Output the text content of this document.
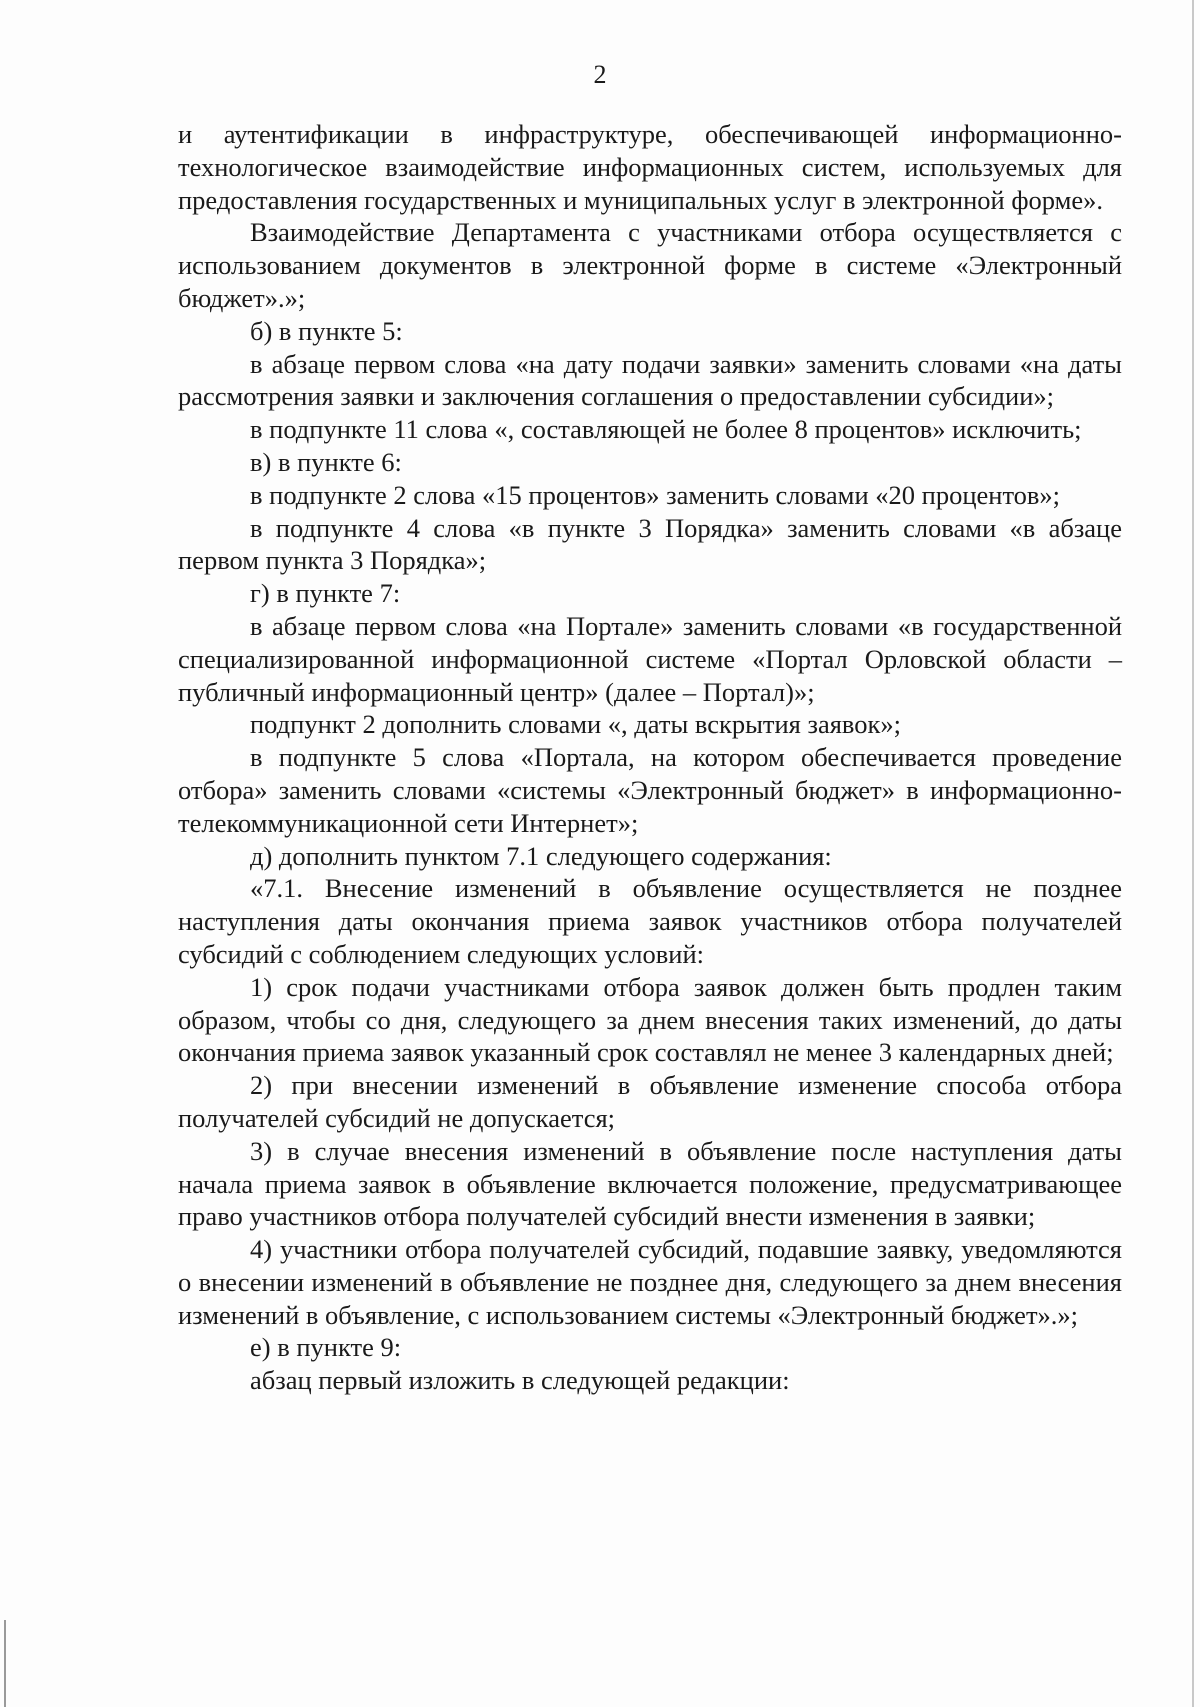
2

и аутентификации в инфраструктуре, обеспечивающей информационно-технологическое взаимодействие информационных систем, используемых для предоставления государственных и муниципальных услуг в электронной форме».

Взаимодействие Департамента с участниками отбора осуществляется с использованием документов в электронной форме в системе «Электронный бюджет».»;

б) в пункте 5:

в абзаце первом слова «на дату подачи заявки» заменить словами «на даты рассмотрения заявки и заключения соглашения о предоставлении субсидии»;

в подпункте 11 слова «, составляющей не более 8 процентов» исключить;

в) в пункте 6:

в подпункте 2 слова «15 процентов» заменить словами «20 процентов»;

в подпункте 4 слова «в пункте 3 Порядка» заменить словами «в абзаце первом пункта 3 Порядка»;

г) в пункте 7:

в абзаце первом слова «на Портале» заменить словами «в государственной специализированной информационной системе «Портал Орловской области – публичный информационный центр» (далее – Портал)»;

подпункт 2 дополнить словами «, даты вскрытия заявок»;

в подпункте 5 слова «Портала, на котором обеспечивается проведение отбора» заменить словами «системы «Электронный бюджет» в информационно-телекоммуникационной сети Интернет»;

д) дополнить пунктом 7.1 следующего содержания:

«7.1. Внесение изменений в объявление осуществляется не позднее наступления даты окончания приема заявок участников отбора получателей субсидий с соблюдением следующих условий:

1) срок подачи участниками отбора заявок должен быть продлен таким образом, чтобы со дня, следующего за днем внесения таких изменений, до даты окончания приема заявок указанный срок составлял не менее 3 календарных дней;

2) при внесении изменений в объявление изменение способа отбора получателей субсидий не допускается;

3) в случае внесения изменений в объявление после наступления даты начала приема заявок в объявление включается положение, предусматривающее право участников отбора получателей субсидий внести изменения в заявки;

4) участники отбора получателей субсидий, подавшие заявку, уведомляются о внесении изменений в объявление не позднее дня, следующего за днем внесения изменений в объявление, с использованием системы «Электронный бюджет».»;

е) в пункте 9:

абзац первый изложить в следующей редакции:
